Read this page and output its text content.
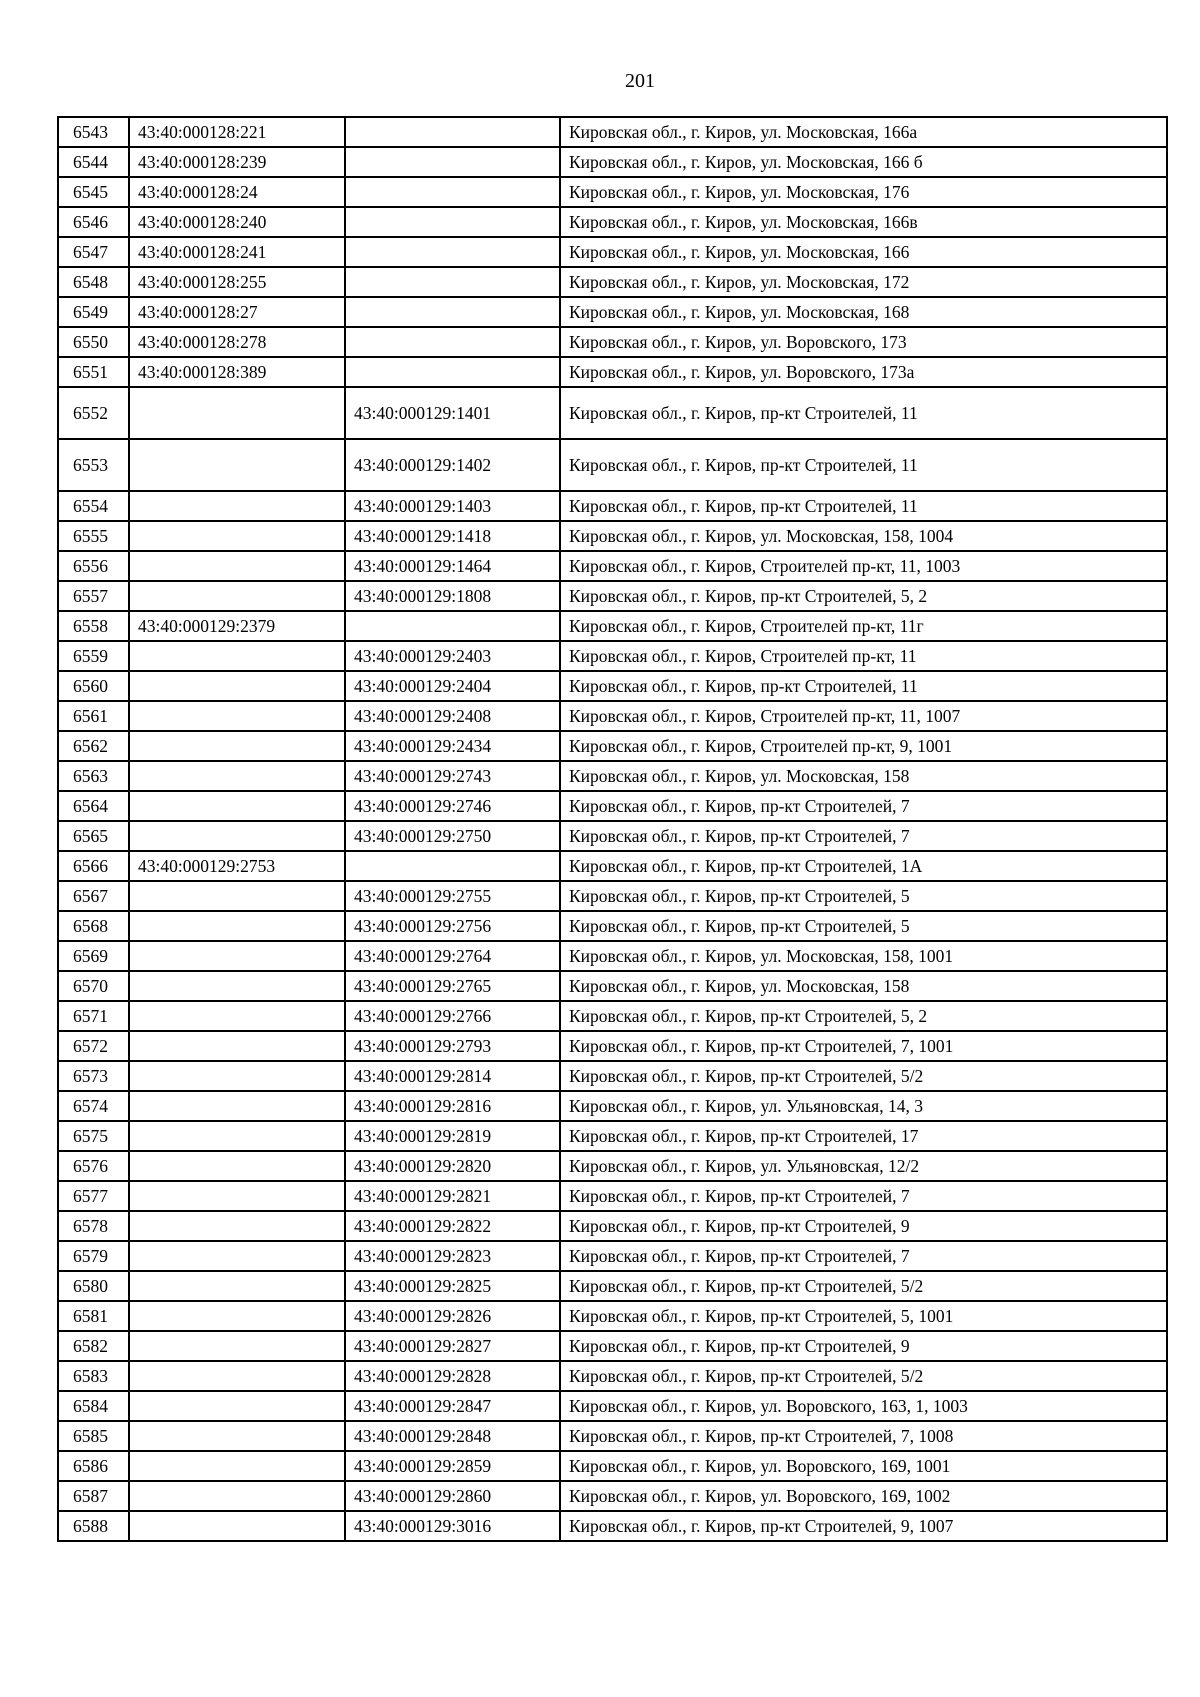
201
6543	43:40:000128:221		Кировская обл., г. Киров, ул. Московская, 166а
6544	43:40:000128:239		Кировская обл., г. Киров, ул. Московская, 166 б
6545	43:40:000128:24		Кировская обл., г. Киров, ул. Московская, 176
6546	43:40:000128:240		Кировская обл., г. Киров, ул. Московская, 166в
6547	43:40:000128:241		Кировская обл., г. Киров, ул. Московская, 166
6548	43:40:000128:255		Кировская обл., г. Киров, ул. Московская, 172
6549	43:40:000128:27		Кировская обл., г. Киров, ул. Московская, 168
6550	43:40:000128:278		Кировская обл., г. Киров, ул. Воровского, 173
6551	43:40:000128:389		Кировская обл., г. Киров, ул. Воровского, 173а
6552		43:40:000129:1401	Кировская обл., г. Киров, пр-кт Строителей, 11
6553		43:40:000129:1402	Кировская обл., г. Киров, пр-кт Строителей, 11
6554		43:40:000129:1403	Кировская обл., г. Киров, пр-кт Строителей, 11
6555		43:40:000129:1418	Кировская обл., г. Киров, ул. Московская, 158, 1004
6556		43:40:000129:1464	Кировская обл., г. Киров, Строителей пр-кт, 11, 1003
6557		43:40:000129:1808	Кировская обл., г. Киров, пр-кт Строителей, 5, 2
6558	43:40:000129:2379		Кировская обл., г. Киров, Строителей пр-кт, 11г
6559		43:40:000129:2403	Кировская обл., г. Киров, Строителей пр-кт, 11
6560		43:40:000129:2404	Кировская обл., г. Киров, пр-кт Строителей, 11
6561		43:40:000129:2408	Кировская обл., г. Киров, Строителей пр-кт, 11, 1007
6562		43:40:000129:2434	Кировская обл., г. Киров, Строителей пр-кт, 9, 1001
6563		43:40:000129:2743	Кировская обл., г. Киров, ул. Московская, 158
6564		43:40:000129:2746	Кировская обл., г. Киров, пр-кт Строителей, 7
6565		43:40:000129:2750	Кировская обл., г. Киров, пр-кт Строителей, 7
6566	43:40:000129:2753		Кировская обл., г. Киров, пр-кт Строителей, 1А
6567		43:40:000129:2755	Кировская обл., г. Киров, пр-кт Строителей, 5
6568		43:40:000129:2756	Кировская обл., г. Киров, пр-кт Строителей, 5
6569		43:40:000129:2764	Кировская обл., г. Киров, ул. Московская, 158, 1001
6570		43:40:000129:2765	Кировская обл., г. Киров, ул. Московская, 158
6571		43:40:000129:2766	Кировская обл., г. Киров, пр-кт Строителей, 5, 2
6572		43:40:000129:2793	Кировская обл., г. Киров, пр-кт Строителей, 7, 1001
6573		43:40:000129:2814	Кировская обл., г. Киров, пр-кт Строителей, 5/2
6574		43:40:000129:2816	Кировская обл., г. Киров, ул. Ульяновская, 14, 3
6575		43:40:000129:2819	Кировская обл., г. Киров, пр-кт Строителей, 17
6576		43:40:000129:2820	Кировская обл., г. Киров, ул. Ульяновская, 12/2
6577		43:40:000129:2821	Кировская обл., г. Киров, пр-кт Строителей, 7
6578		43:40:000129:2822	Кировская обл., г. Киров, пр-кт Строителей, 9
6579		43:40:000129:2823	Кировская обл., г. Киров, пр-кт Строителей, 7
6580		43:40:000129:2825	Кировская обл., г. Киров, пр-кт Строителей, 5/2
6581		43:40:000129:2826	Кировская обл., г. Киров, пр-кт Строителей, 5, 1001
6582		43:40:000129:2827	Кировская обл., г. Киров, пр-кт Строителей, 9
6583		43:40:000129:2828	Кировская обл., г. Киров, пр-кт Строителей, 5/2
6584		43:40:000129:2847	Кировская обл., г. Киров, ул. Воровского, 163, 1, 1003
6585		43:40:000129:2848	Кировская обл., г. Киров, пр-кт Строителей, 7, 1008
6586		43:40:000129:2859	Кировская обл., г. Киров, ул. Воровского, 169, 1001
6587		43:40:000129:2860	Кировская обл., г. Киров, ул. Воровского, 169, 1002
6588		43:40:000129:3016	Кировская обл., г. Киров, пр-кт Строителей, 9, 1007
